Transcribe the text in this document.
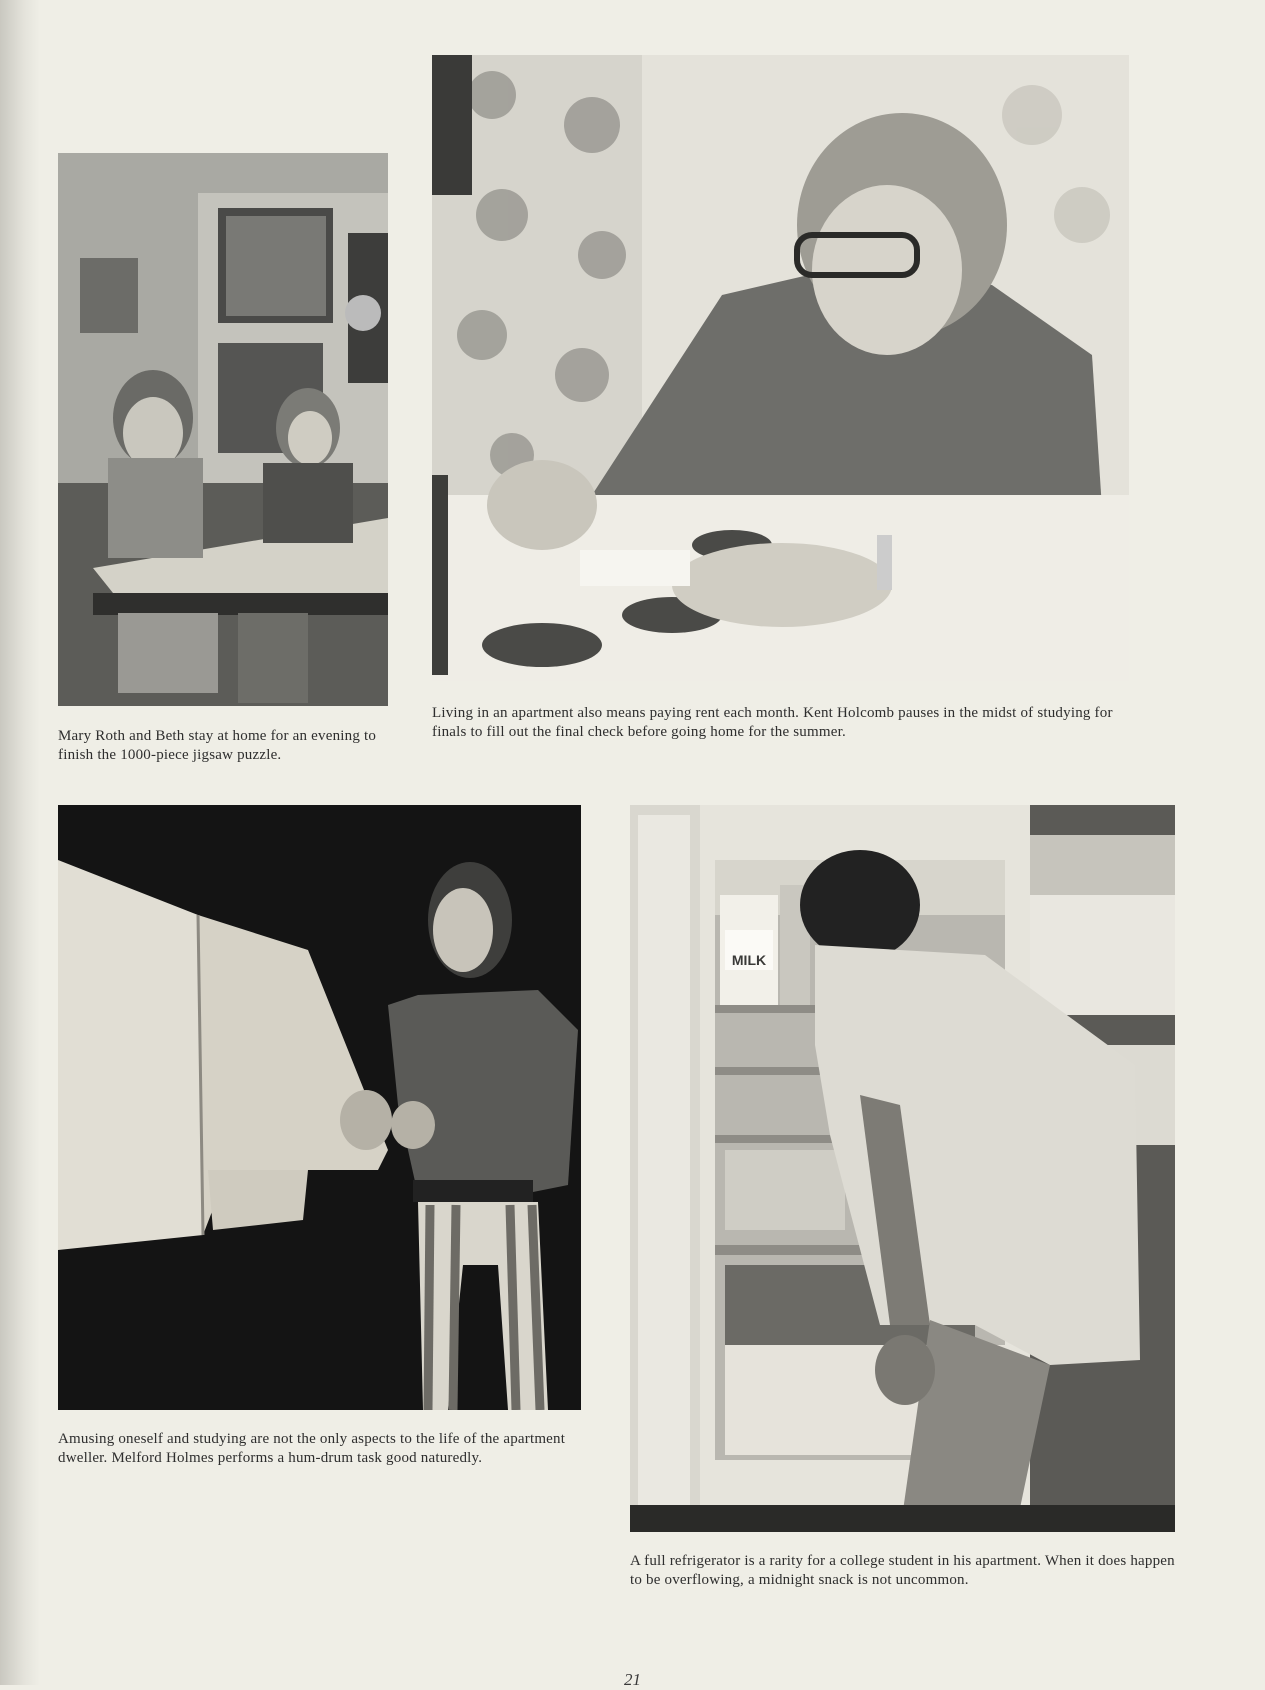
Mary Roth and Beth stay at home for an evening to finish the 1000-piece jigsaw puzzle.
Living in an apartment also means paying rent each month. Kent Holcomb pauses in the midst of studying for finals to fill out the final check before going home for the summer.
Amusing oneself and studying are not the only aspects to the life of the apartment dweller. Melford Holmes performs a hum-drum task good naturedly.
MILK
A full refrigerator is a rarity for a college student in his apartment. When it does happen to be overflowing, a midnight snack is not uncommon.
21
